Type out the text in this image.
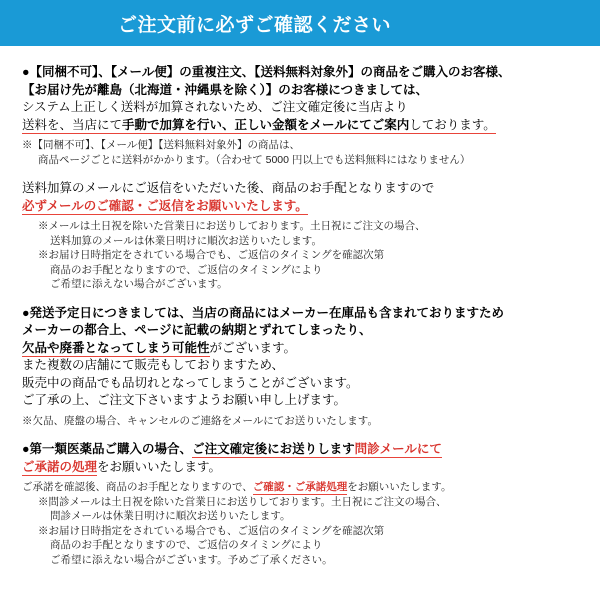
ご注文前に必ずご確認ください
●【同梱不可】、【メール便】の重複注文、【送料無料対象外】の商品をご購入のお客様、
【お届け先が離島（北海道・沖縄県を除く）】のお客様につきましては、
システム上正しく送料が加算されないため、ご注文確定後に当店より
送料を、当店にて手動で加算を行い、正しい金額をメールにてご案内しております。
※【同梱不可】、【メール便】【送料無料対象外】の商品は、
商品ページごとに送料がかかります。（合わせて 5000 円以上でも送料無料にはなりません）
送料加算のメールにご返信をいただいた後、商品のお手配となりますので
必ずメールのご確認・ご返信をお願いいたします。
※メールは土日祝を除いた営業日にお送りしております。土日祝にご注文の場合、
送料加算のメールは休業日明けに順次お送りいたします。
※お届け日時指定をされている場合でも、ご返信のタイミングを確認次第
商品のお手配となりますので、ご返信のタイミングにより
ご希望に添えない場合がございます。
●発送予定日につきましては、当店の商品にはメーカー在庫品も含まれておりますため
メーカーの都合上、ページに記載の納期とずれてしまったり、
欠品や廃番となってしまう可能性がございます。
また複数の店舗にて販売もしておりますため、
販売中の商品でも品切れとなってしまうことがございます。
ご了承の上、ご注文下さいますようお願い申し上げます。
※欠品、廃盤の場合、キャンセルのご連絡をメールにてお送りいたします。
●第一類医薬品ご購入の場合、ご注文確定後にお送りします問診メールにて
ご承諾の処理をお願いいたします。
ご承諾を確認後、商品のお手配となりますので、ご確認・ご承諾処理をお願いいたします。
※問診メールは土日祝を除いた営業日にお送りしております。土日祝にご注文の場合、
問診メールは休業日明けに順次お送りいたします。
※お届け日時指定をされている場合でも、ご返信のタイミングを確認次第
商品のお手配となりますので、ご返信のタイミングにより
ご希望に添えない場合がございます。予めご了承ください。
